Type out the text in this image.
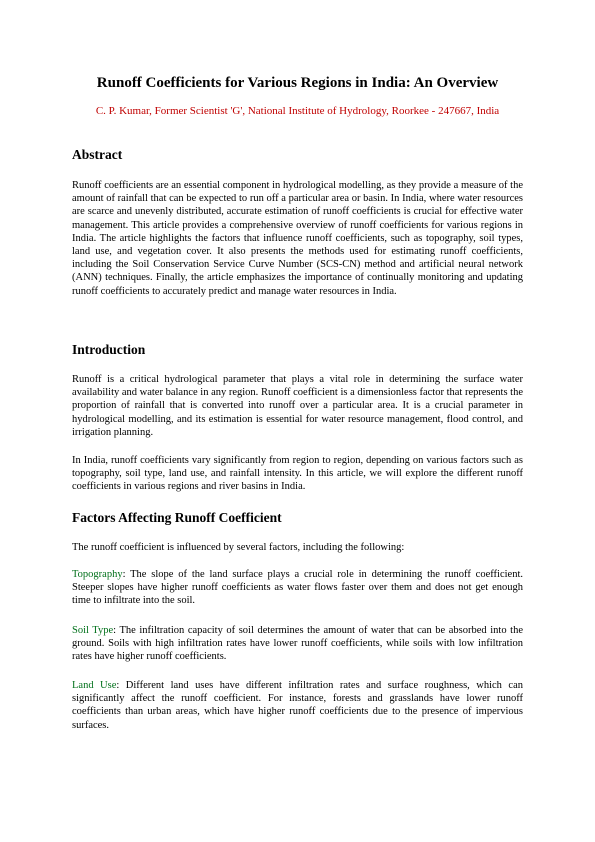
Runoff Coefficients for Various Regions in India: An Overview
C. P. Kumar, Former Scientist 'G', National Institute of Hydrology, Roorkee - 247667, India
Abstract
Runoff coefficients are an essential component in hydrological modelling, as they provide a measure of the amount of rainfall that can be expected to run off a particular area or basin. In India, where water resources are scarce and unevenly distributed, accurate estimation of runoff coefficients is crucial for effective water management. This article provides a comprehensive overview of runoff coefficients for various regions in India. The article highlights the factors that influence runoff coefficients, such as topography, soil types, land use, and vegetation cover. It also presents the methods used for estimating runoff coefficients, including the Soil Conservation Service Curve Number (SCS-CN) method and artificial neural network (ANN) techniques. Finally, the article emphasizes the importance of continually monitoring and updating runoff coefficients to accurately predict and manage water resources in India.
Introduction
Runoff is a critical hydrological parameter that plays a vital role in determining the surface water availability and water balance in any region. Runoff coefficient is a dimensionless factor that represents the proportion of rainfall that is converted into runoff over a particular area. It is a crucial parameter in hydrological modelling, and its estimation is essential for water resource management, flood control, and irrigation planning.
In India, runoff coefficients vary significantly from region to region, depending on various factors such as topography, soil type, land use, and rainfall intensity. In this article, we will explore the different runoff coefficients in various regions and river basins in India.
Factors Affecting Runoff Coefficient
The runoff coefficient is influenced by several factors, including the following:
Topography: The slope of the land surface plays a crucial role in determining the runoff coefficient. Steeper slopes have higher runoff coefficients as water flows faster over them and does not get enough time to infiltrate into the soil.
Soil Type: The infiltration capacity of soil determines the amount of water that can be absorbed into the ground. Soils with high infiltration rates have lower runoff coefficients, while soils with low infiltration rates have higher runoff coefficients.
Land Use: Different land uses have different infiltration rates and surface roughness, which can significantly affect the runoff coefficient. For instance, forests and grasslands have lower runoff coefficients than urban areas, which have higher runoff coefficients due to the presence of impervious surfaces.
